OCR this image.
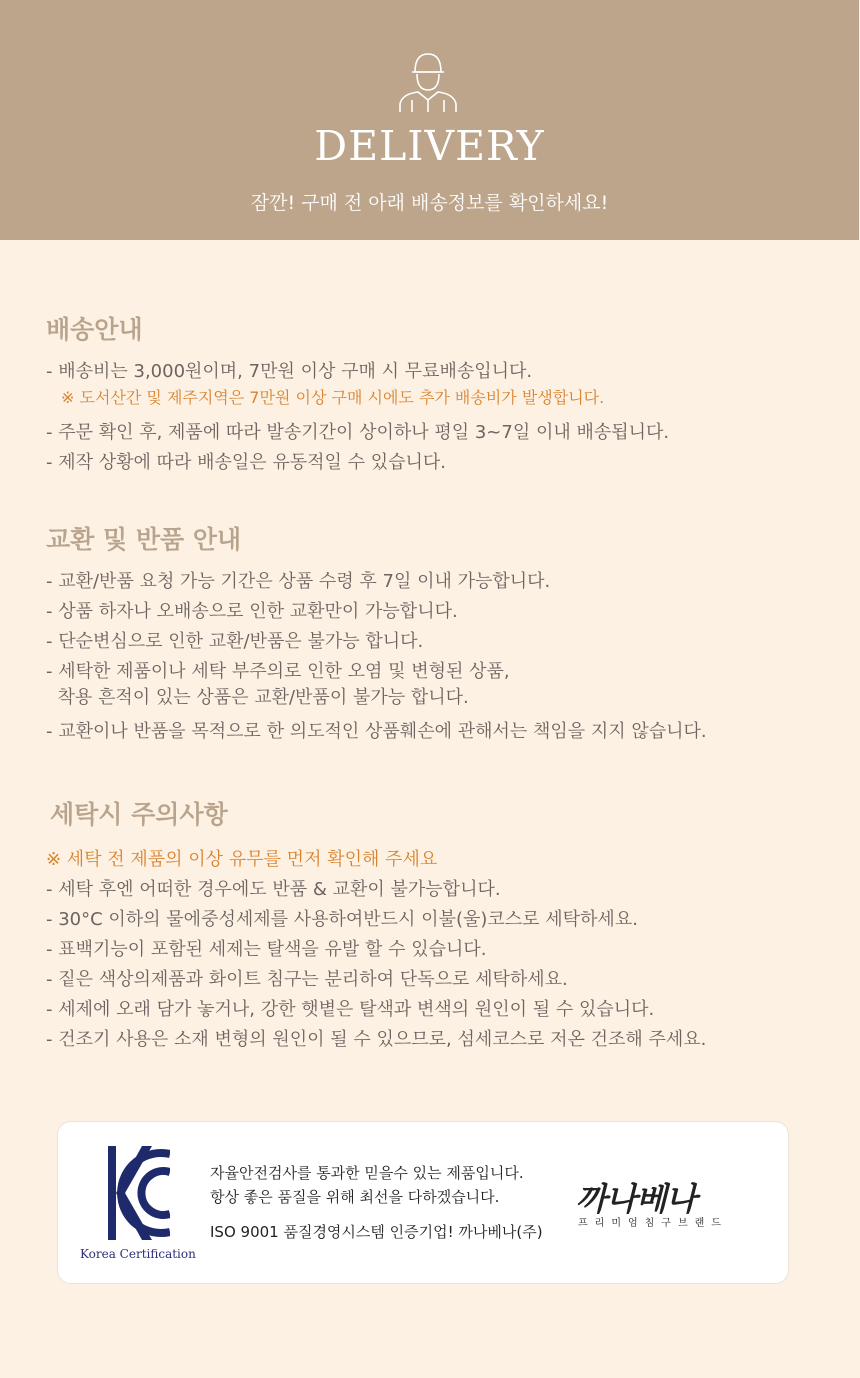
DELIVERY
잠깐! 구매 전 아래 배송정보를 확인하세요!
배송안내
- 배송비는 3,000원이며, 7만원 이상 구매 시 무료배송입니다.
※ 도서산간 및 제주지역은 7만원 이상 구매 시에도 추가 배송비가 발생합니다.
- 주문 확인 후, 제품에 따라 발송기간이 상이하나 평일 3~7일 이내 배송됩니다.
- 제작 상황에 따라 배송일은 유동적일 수 있습니다.
교환 및 반품 안내
- 교환/반품 요청 가능 기간은 상품 수령 후 7일 이내 가능합니다.
- 상품 하자나 오배송으로 인한 교환만이 가능합니다.
- 단순변심으로 인한 교환/반품은 불가능 합니다.
- 세탁한 제품이나 세탁 부주의로 인한 오염 및 변형된 상품,
착용 흔적이 있는 상품은 교환/반품이 불가능 합니다.
- 교환이나 반품을 목적으로 한 의도적인 상품훼손에 관해서는 책임을 지지 않습니다.
세탁시 주의사항
※ 세탁 전 제품의 이상 유무를 먼저 확인해 주세요
- 세탁 후엔 어떠한 경우에도 반품 & 교환이 불가능합니다.
- 30°C 이하의 물에중성세제를 사용하여반드시 이불(울)코스로 세탁하세요.
- 표백기능이 포함된 세제는 탈색을 유발 할 수 있습니다.
- 짙은 색상의제품과 화이트 침구는 분리하여 단독으로 세탁하세요.
- 세제에 오래 담가 놓거나, 강한 햇볕은 탈색과 변색의 원인이 될 수 있습니다.
- 건조기 사용은 소재 변형의 원인이 될 수 있으므로, 섬세코스로 저온 건조해 주세요.
Korea Certification
자율안전검사를 통과한 믿을수 있는 제품입니다.
항상 좋은 품질을 위해 최선을 다하겠습니다.
ISO 9001 품질경영시스템 인증기업! 까나베나(주)
까나베나
프리미엄침구브랜드
